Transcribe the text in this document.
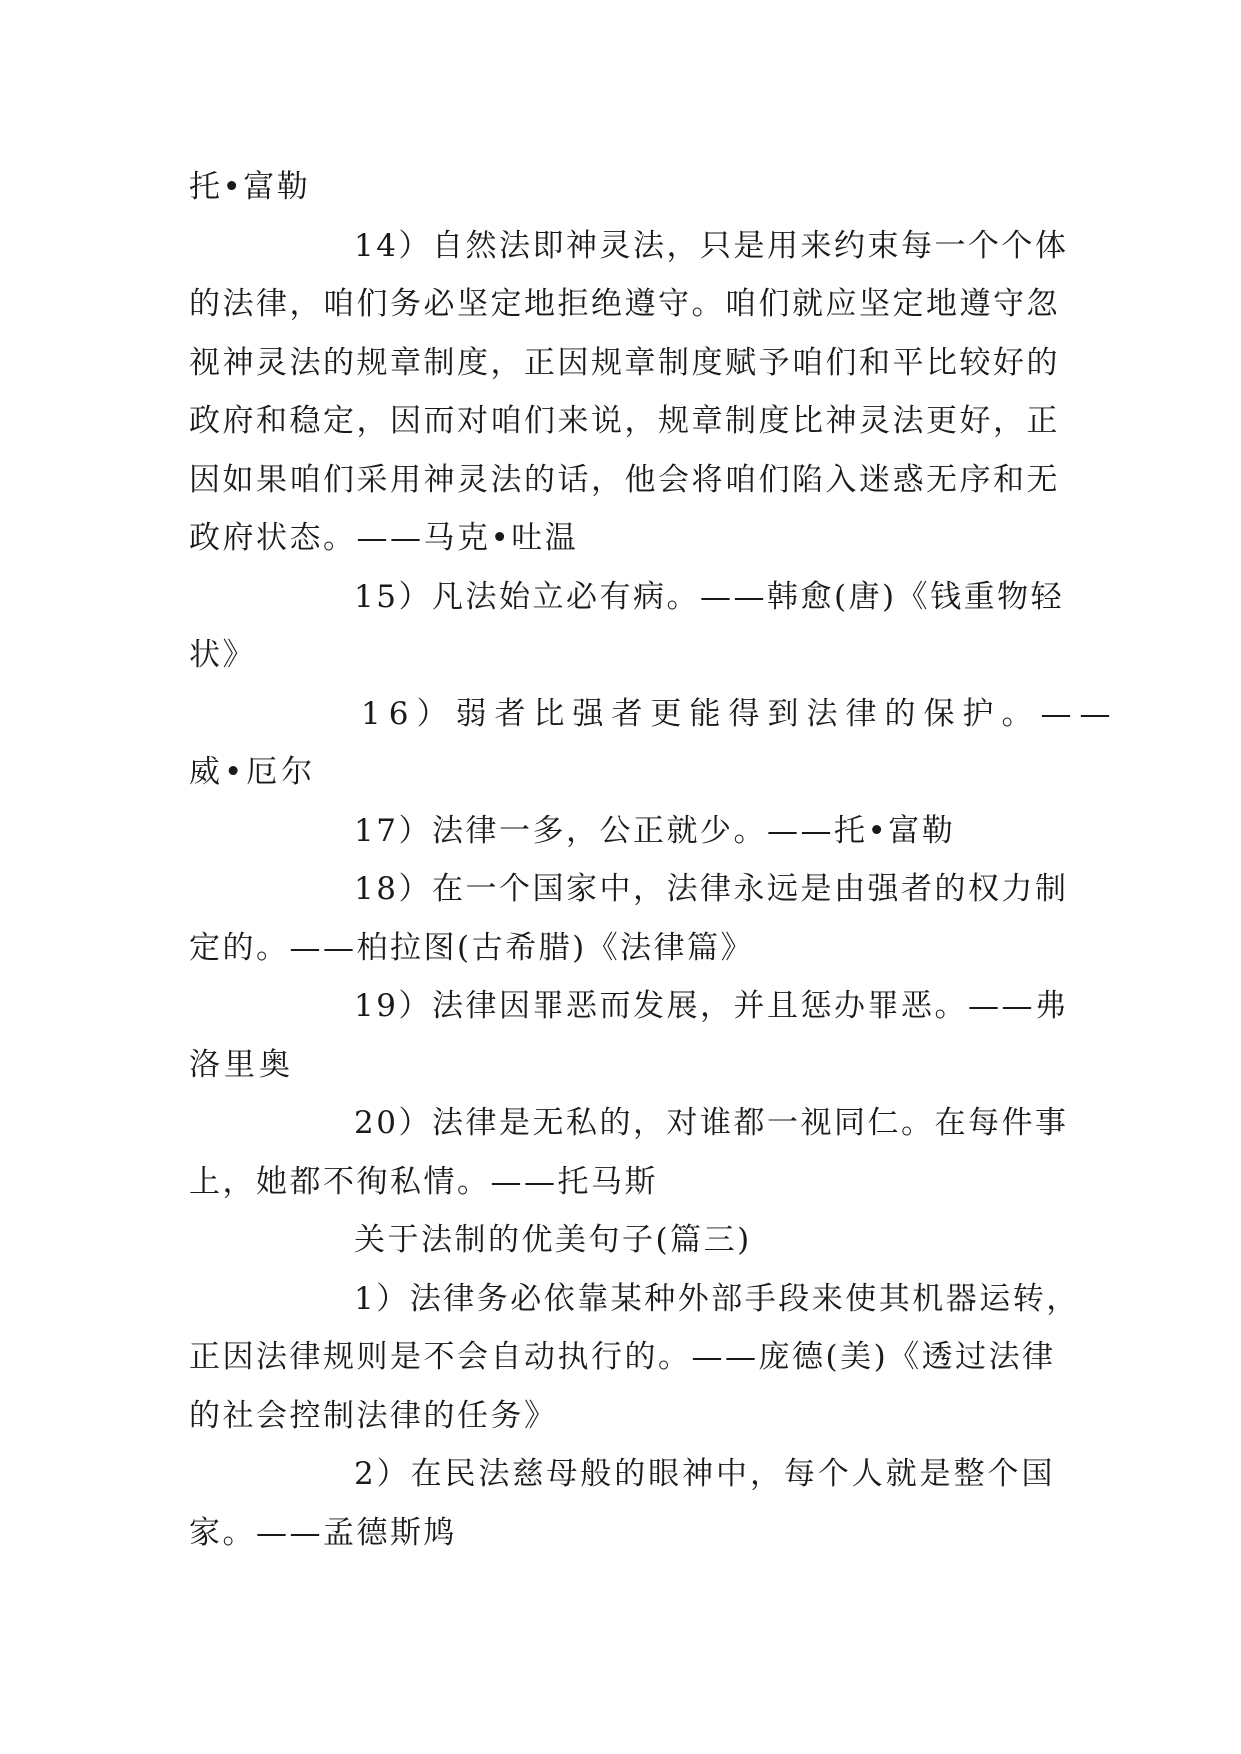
托•富勒
14）自然法即神灵法，只是用来约束每一个个体
的法律，咱们务必坚定地拒绝遵守。咱们就应坚定地遵守忽
视神灵法的规章制度，正因规章制度赋予咱们和平比较好的
政府和稳定，因而对咱们来说，规章制度比神灵法更好，正
因如果咱们采用神灵法的话，他会将咱们陷入迷惑无序和无
政府状态。——马克•吐温
15）凡法始立必有病。——韩愈(唐)《钱重物轻
状》
16）弱者比强者更能得到法律的保护。——
威•厄尔
17）法律一多，公正就少。——托•富勒
18）在一个国家中，法律永远是由强者的权力制
定的。——柏拉图(古希腊)《法律篇》
19）法律因罪恶而发展，并且惩办罪恶。——弗
洛里奥
20）法律是无私的，对谁都一视同仁。在每件事
上，她都不徇私情。——托马斯
关于法制的优美句子(篇三)
1）法律务必依靠某种外部手段来使其机器运转，
正因法律规则是不会自动执行的。——庞德(美)《透过法律
的社会控制法律的任务》
2）在民法慈母般的眼神中，每个人就是整个国
家。——孟德斯鸠
